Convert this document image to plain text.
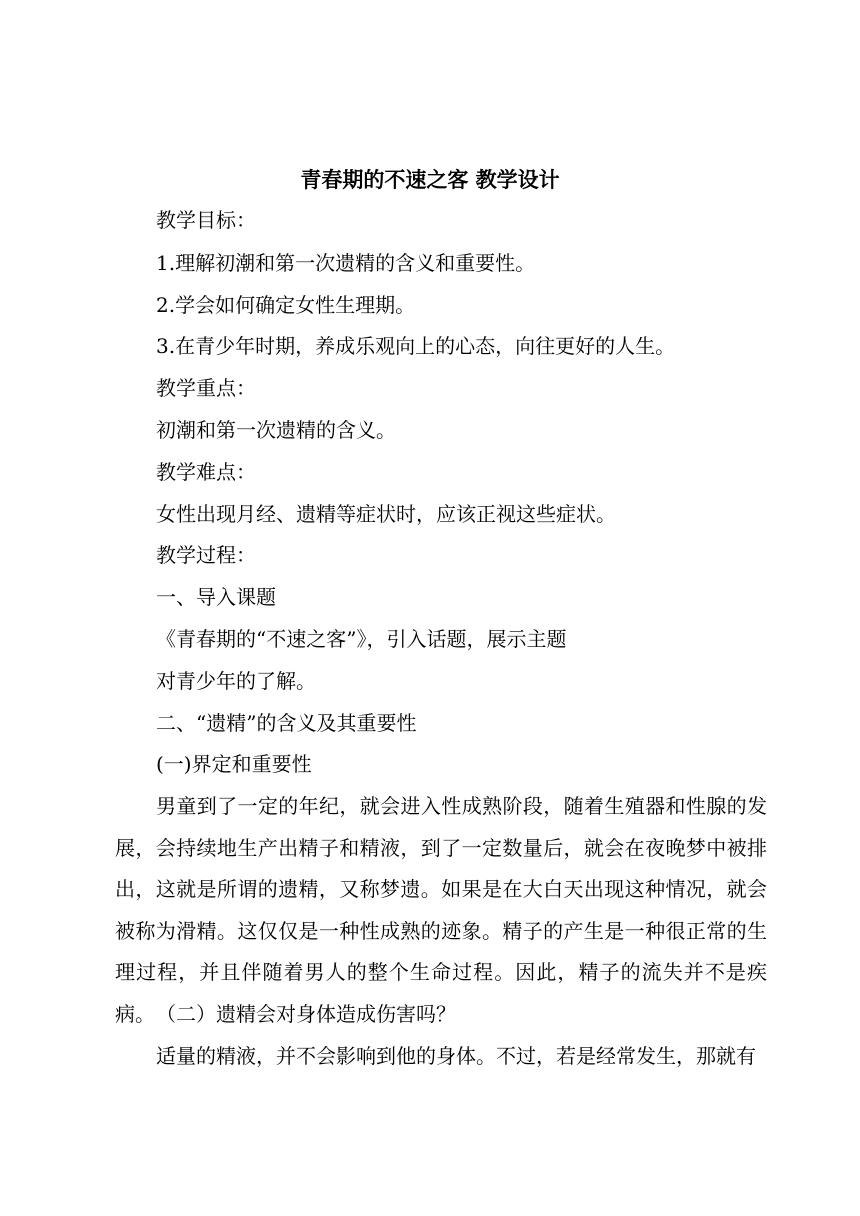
青春期的不速之客 教学设计
教学目标：
1.理解初潮和第一次遗精的含义和重要性。
2.学会如何确定女性生理期。
3.在青少年时期，养成乐观向上的心态，向往更好的人生。
教学重点：
初潮和第一次遗精的含义。
教学难点：
女性出现月经、遗精等症状时，应该正视这些症状。
教学过程：
一、导入课题
《青春期的“不速之客”》，引入话题，展示主题
对青少年的了解。
二、“遗精”的含义及其重要性
(一)界定和重要性
男童到了一定的年纪，就会进入性成熟阶段，随着生殖器和性腺的发展，会持续地生产出精子和精液，到了一定数量后，就会在夜晚梦中被排出，这就是所谓的遗精，又称梦遗。如果是在大白天出现这种情况，就会被称为滑精。这仅仅是一种性成熟的迹象。精子的产生是一种很正常的生理过程，并且伴随着男人的整个生命过程。因此，精子的流失并不是疾病。 （二）遗精会对身体造成伤害吗？
适量的精液，并不会影响到他的身体。不过，若是经常发生，那就有
